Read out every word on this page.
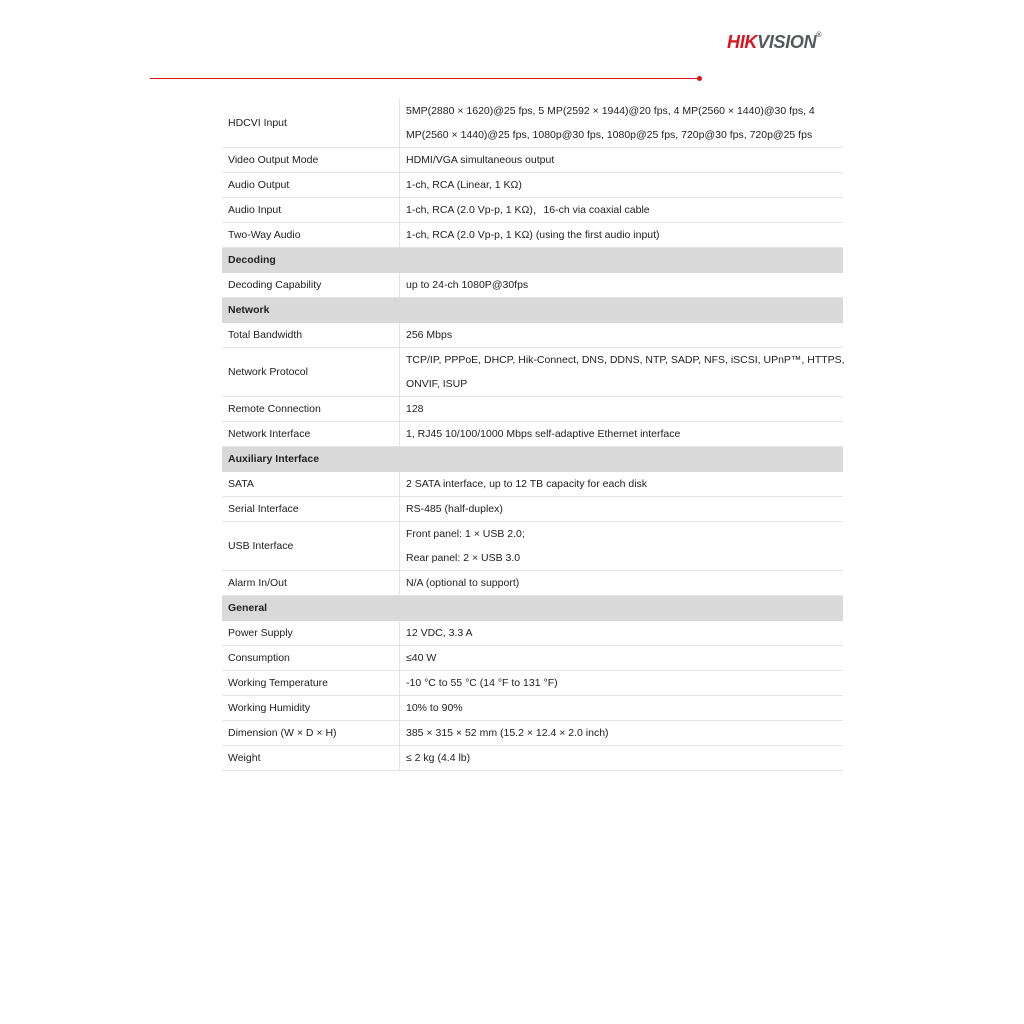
HIKVISION®
HDCVI Input	5MP(2880 × 1620)@25 fps, 5 MP(2592 × 1944)@20 fps, 4 MP(2560 × 1440)@30 fps, 4
MP(2560 × 1440)@25 fps, 1080p@30 fps, 1080p@25 fps, 720p@30 fps, 720p@25 fps

Video Output Mode	HDMI/VGA simultaneous output

Audio Output	1-ch, RCA (Linear, 1 KΩ)

Audio Input	1-ch, RCA (2.0 Vp-p, 1 KΩ)，16-ch via coaxial cable

Two-Way Audio	1-ch, RCA (2.0 Vp-p, 1 KΩ) (using the first audio input)

Decoding	
Decoding Capability	up to 24-ch 1080P@30fps

Network	
Total Bandwidth	256 Mbps

Network Protocol	TCP/IP, PPPoE, DHCP, Hik-Connect, DNS, DDNS, NTP, SADP, NFS, iSCSI, UPnP™, HTTPS,
ONVIF, ISUP

Remote Connection	128

Network Interface	1, RJ45 10/100/1000 Mbps self-adaptive Ethernet interface

Auxiliary Interface	
SATA	2 SATA interface, up to 12 TB capacity for each disk

Serial Interface	RS-485 (half-duplex)

USB Interface	Front panel: 1 × USB 2.0;
Rear panel: 2 × USB 3.0

Alarm In/Out	N/A (optional to support)

General	
Power Supply	12 VDC, 3.3 A

Consumption	≤40 W

Working Temperature	-10 °C to 55 °C (14 °F to 131 °F)

Working Humidity	10% to 90%

Dimension (W × D × H)	385 × 315 × 52 mm (15.2 × 12.4 × 2.0 inch)

Weight	≤ 2 kg (4.4 lb)
